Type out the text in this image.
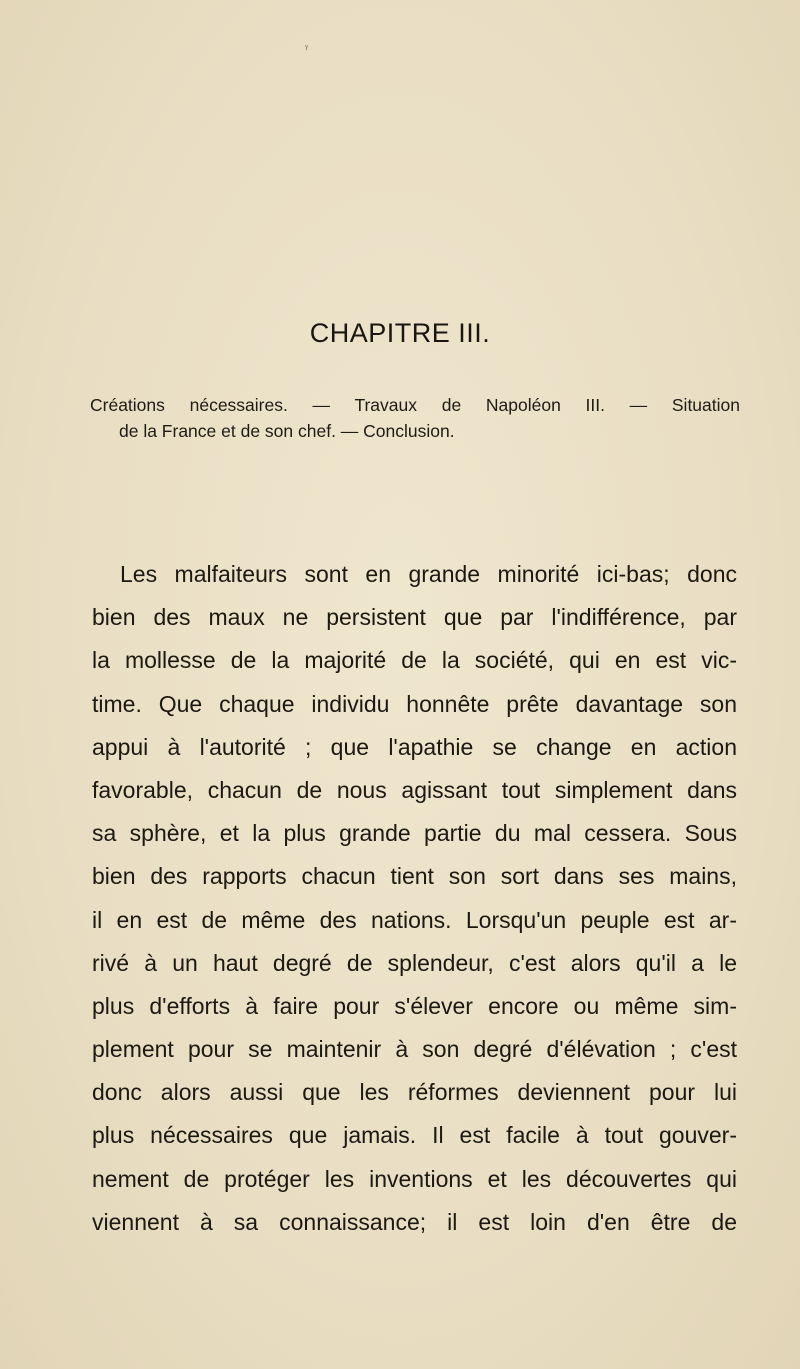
ᵞ
CHAPITRE III.
Créations nécessaires. — Travaux de Napoléon III. — Situation
de la France et de son chef. — Conclusion.
Les malfaiteurs sont en grande minorité ici-bas; donc
bien des maux ne persistent que par l'indifférence, par
la mollesse de la majorité de la société, qui en est vic-
time. Que chaque individu honnête prête davantage son
appui à l'autorité ; que l'apathie se change en action
favorable, chacun de nous agissant tout simplement dans
sa sphère, et la plus grande partie du mal cessera. Sous
bien des rapports chacun tient son sort dans ses mains,
il en est de même des nations. Lorsqu'un peuple est ar-
rivé à un haut degré de splendeur, c'est alors qu'il a le
plus d'efforts à faire pour s'élever encore ou même sim-
plement pour se maintenir à son degré d'élévation ; c'est
donc alors aussi que les réformes deviennent pour lui
plus nécessaires que jamais. Il est facile à tout gouver-
nement de protéger les inventions et les découvertes qui
viennent à sa connaissance; il est loin d'en être de
